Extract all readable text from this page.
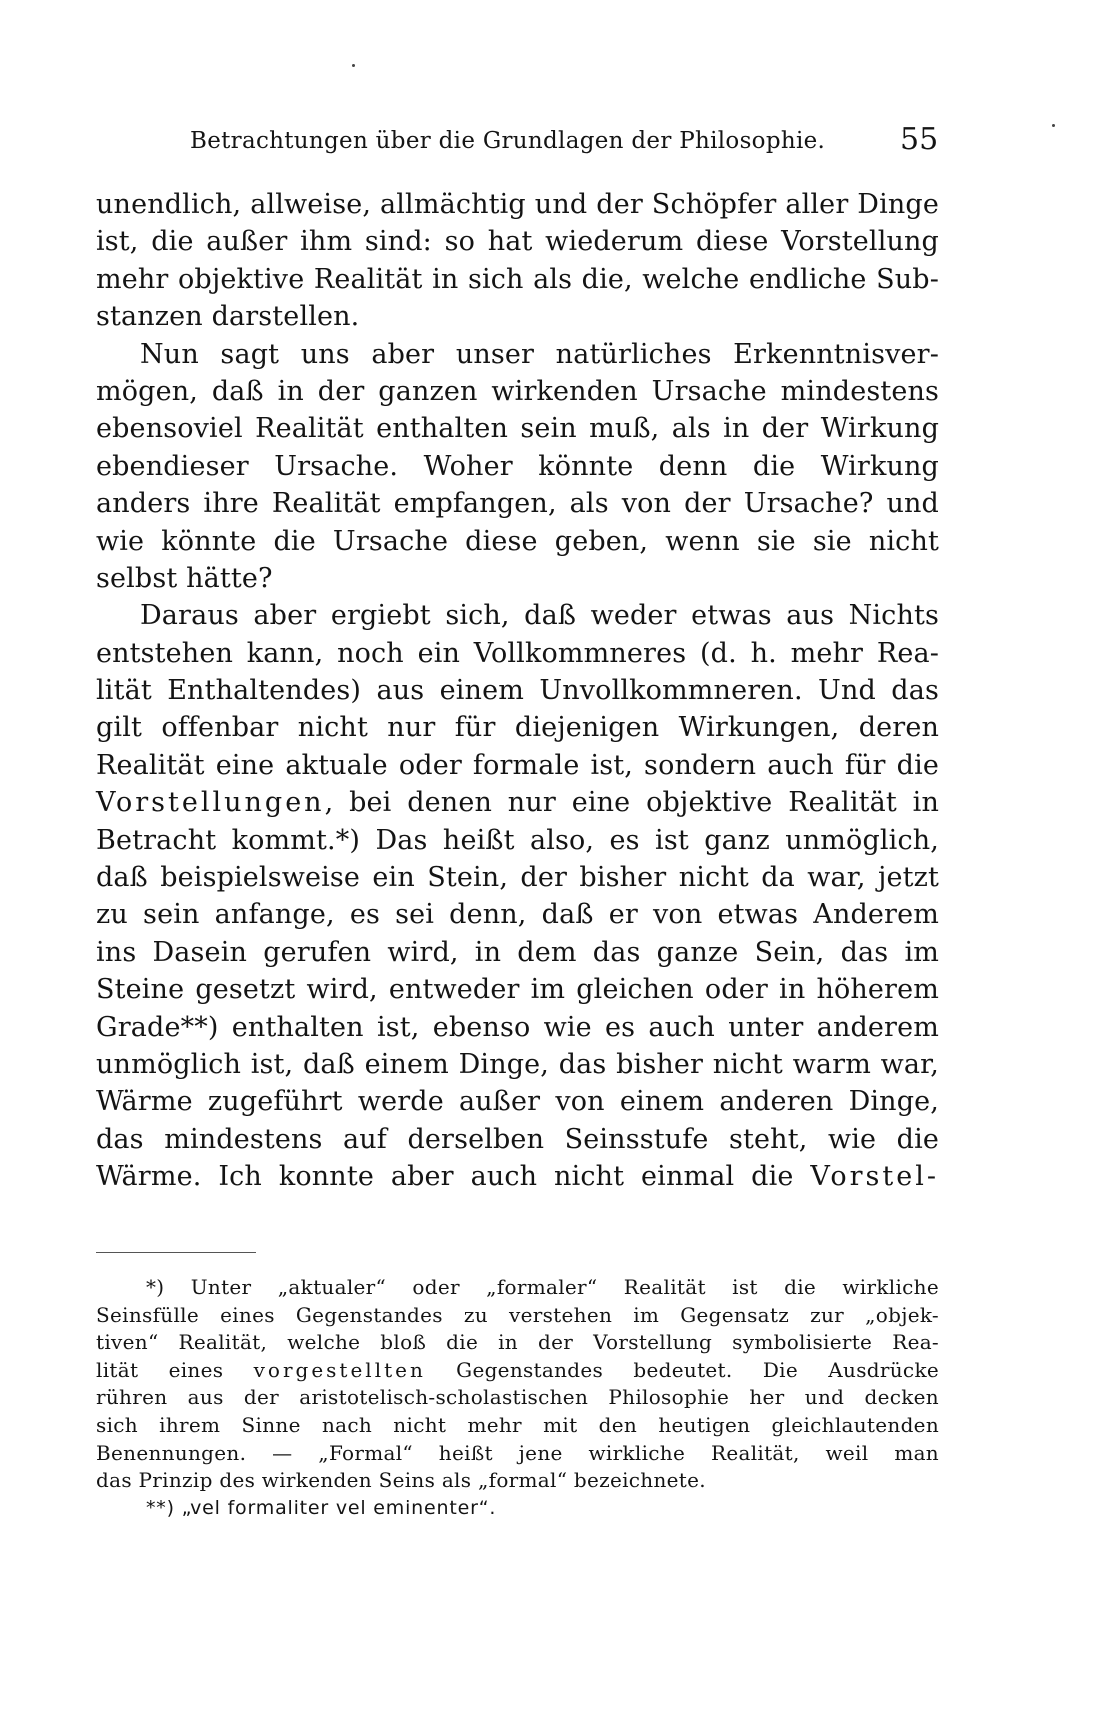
Betrachtungen über die Grundlagen der Philosophie. 55
unendlich, allweise, allmächtig und der Schöpfer aller Dinge
ist, die außer ihm sind: so hat wiederum diese Vorstellung
mehr objektive Realität in sich als die, welche endliche Sub-
stanzen darstellen.
Nun sagt uns aber unser natürliches Erkenntnisver-
mögen, daß in der ganzen wirkenden Ursache mindestens
ebensoviel Realität enthalten sein muß, als in der Wirkung
ebendieser Ursache. Woher könnte denn die Wirkung
anders ihre Realität empfangen, als von der Ursache? und
wie könnte die Ursache diese geben, wenn sie sie nicht
selbst hätte?
Daraus aber ergiebt sich, daß weder etwas aus Nichts
entstehen kann, noch ein Vollkommneres (d. h. mehr Rea-
lität Enthaltendes) aus einem Unvollkommneren. Und das
gilt offenbar nicht nur für diejenigen Wirkungen, deren
Realität eine aktuale oder formale ist, sondern auch für die
Vorstellungen, bei denen nur eine objektive Realität in
Betracht kommt.*) Das heißt also, es ist ganz unmöglich,
daß beispielsweise ein Stein, der bisher nicht da war, jetzt
zu sein anfange, es sei denn, daß er von etwas Anderem
ins Dasein gerufen wird, in dem das ganze Sein, das im
Steine gesetzt wird, entweder im gleichen oder in höherem
Grade**) enthalten ist, ebenso wie es auch unter anderem
unmöglich ist, daß einem Dinge, das bisher nicht warm war,
Wärme zugeführt werde außer von einem anderen Dinge,
das mindestens auf derselben Seinsstufe steht, wie die
Wärme. Ich konnte aber auch nicht einmal die Vorstel-
*) Unter „aktualer“ oder „formaler“ Realität ist die wirkliche
Seinsfülle eines Gegenstandes zu verstehen im Gegensatz zur „objek-
tiven“ Realität, welche bloß die in der Vorstellung symbolisierte Rea-
lität eines vorgestellten Gegenstandes bedeutet. Die Ausdrücke
rühren aus der aristotelisch-scholastischen Philosophie her und decken
sich ihrem Sinne nach nicht mehr mit den heutigen gleichlautenden
Benennungen. — „Formal“ heißt jene wirkliche Realität, weil man
das Prinzip des wirkenden Seins als „formal“ bezeichnete.
**) „vel formaliter vel eminenter“.
